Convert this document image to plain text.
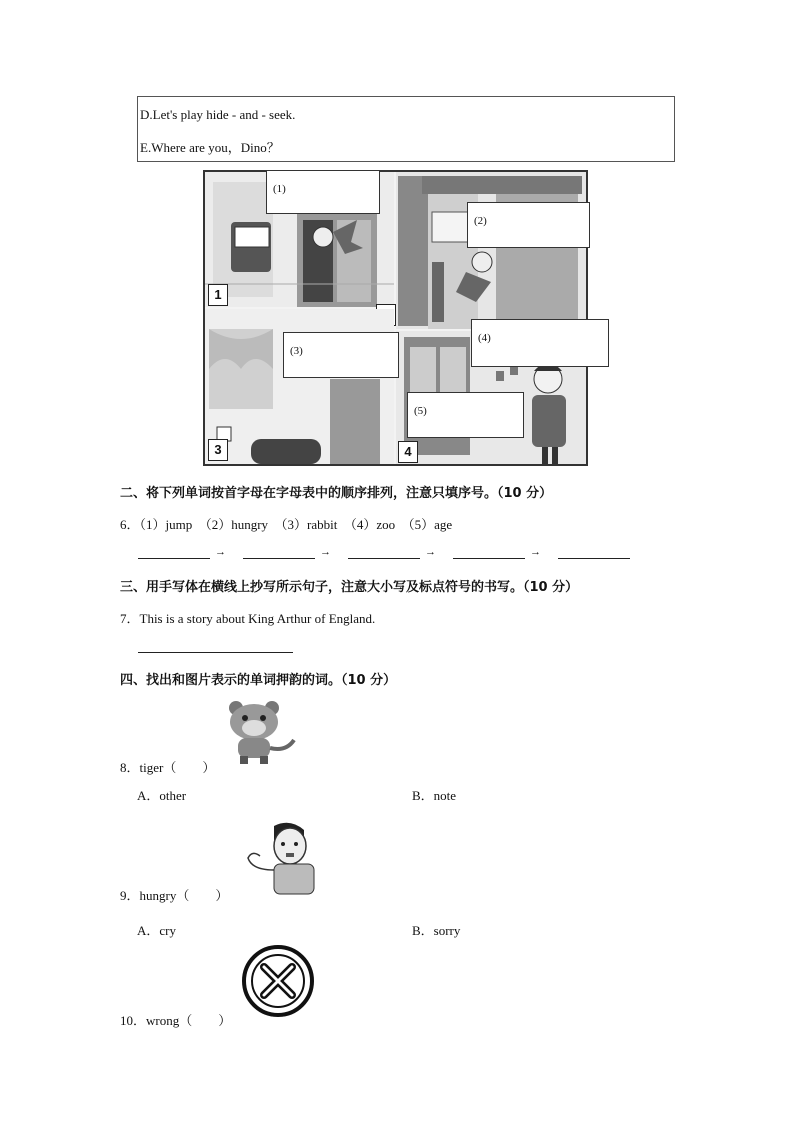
D.Let's play hide - and - seek.
E.Where are you，Dino？
1
3	4
(1)
(2)
(3)
(4)
(5)
二、将下列单词按首字母在字母表中的顺序排列，注意只填序号。（10 分）
6．（1）jump　（2）hungry　（3）rabbit　（4）zoo　（5）age
→	→	→	→
三、用手写体在横线上抄写所示句子，注意大小写及标点符号的书写。（10 分）
7．This is a story about King Arthur of England.
四、找出和图片表示的单词押韵的词。（10 分）
8．tiger（　　）
A．other	B．note
9．hungry（　　）
A．cry	B．sorry
10．wrong（　　）
